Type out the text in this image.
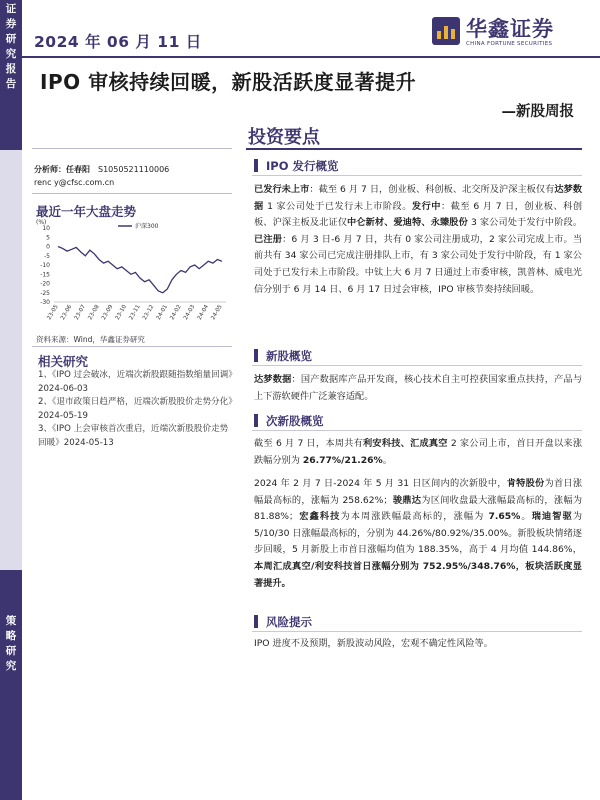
证
券
研
究
报
告
策
略
研
究
2024 年 06 月 11 日
华鑫证券
CHINA FORTUNE SECURITIES
IPO 审核持续回暖，新股活跃度显著提升
—新股周报
投资要点
分析师：任春阳 S1050521110006
renc y@cfsc.com.cn
最近一年大盘走势
(%)
10
5
0
-5
-10
-15
-20
-25
-30
23-05 23-06 23-07 23-08 23-09 23-10 23-11 23-12 24-01 24-02 24-03 24-04 24-05
沪深300
资料来源：Wind，华鑫证券研究
相关研究
1、《IPO 过会破冰，近端次新股跟随指数缩量回调》2024-06-03
2、《退市政策日趋严格，近端次新股股价走势分化》2024-05-19
3、《IPO 上会审核首次重启，近端次新股股价走势回暖》2024-05-13
IPO 发行概览
已发行未上市：截至 6 月 7 日，创业板、科创板、北交所及沪深主板仅有达梦数据 1 家公司处于已发行未上市阶段。发行中：截至 6 月 7 日，创业板、科创板、沪深主板及北证仅中仑新材、爱迪特、永臻股份 3 家公司处于发行中阶段。已注册：6 月 3 日-6 月 7 日，共有 0 家公司注册成功，2 家公司完成上市。当前共有 34 家公司已完成注册排队上市，有 3 家公司处于发行中阶段，有 1 家公司处于已发行未上市阶段。中钛上大 6 月 7 日通过上市委审核，凯普林、威电光信分别于 6 月 14 日、6 月 17 日过会审核，IPO 审核节奏持续回暖。
新股概览
达梦数据：国产数据库产品开发商，核心技术自主可控获国家重点扶持，产品与上下游软硬件广泛兼容适配。
次新股概览
截至 6 月 7 日，本周共有利安科技、汇成真空 2 家公司上市，首日开盘以来涨跌幅分别为 26.77%/21.26%。
2024 年 2 月 7 日-2024 年 5 月 31 日区间内的次新股中，肯特股份为首日涨幅最高标的，涨幅为 258.62%；骏鼎达为区间收盘最大涨幅最高标的，涨幅为 81.88%；宏鑫科技为本周涨跌幅最高标的，涨幅为 7.65%。瑞迪智驱为 5/10/30 日涨幅最高标的，分别为 44.26%/80.92%/35.00%。新股板块情绪逐步回暖，5 月新股上市首日涨幅均值为 188.35%，高于 4 月均值 144.86%，本周汇成真空/利安科技首日涨幅分别为 752.95%/348.76%，板块活跃度显著提升。
风险提示
IPO 进度不及预期，新股波动风险，宏观不确定性风险等。
